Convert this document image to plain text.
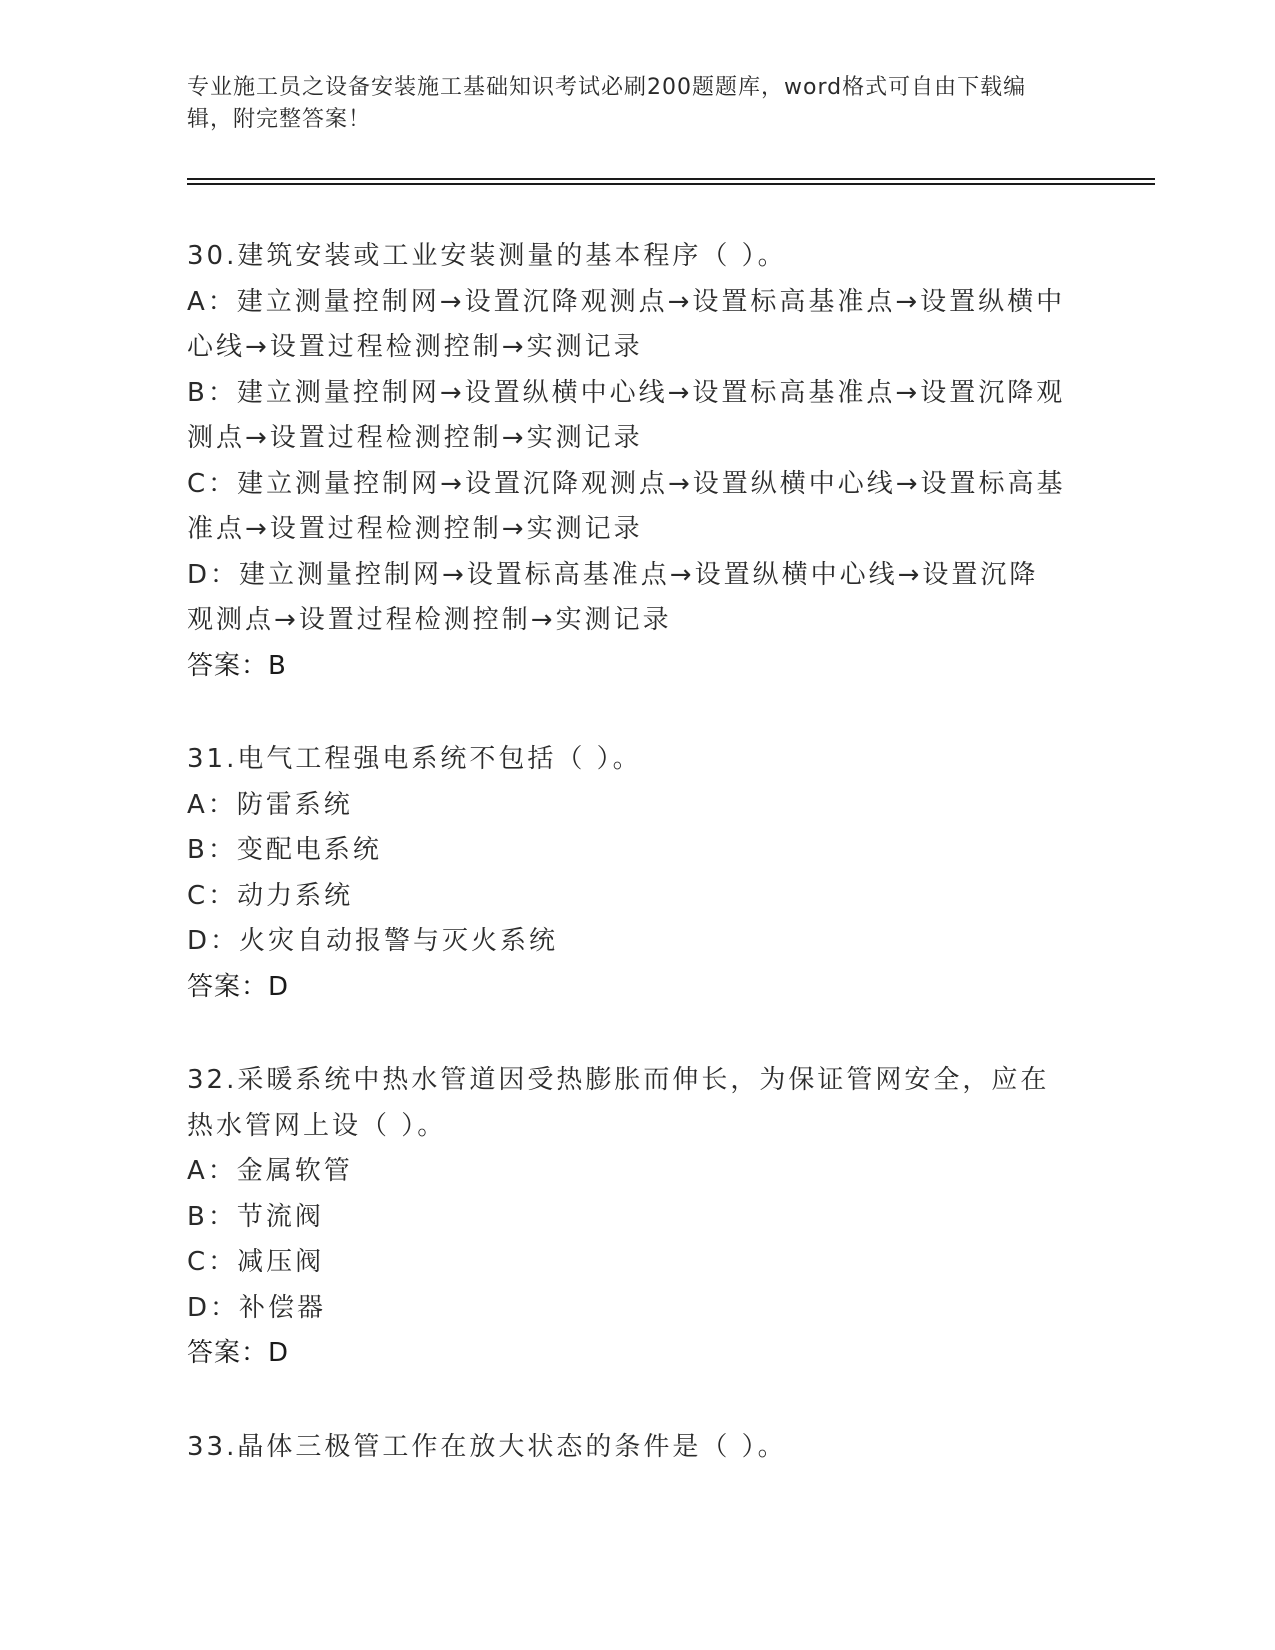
专业施工员之设备安装施工基础知识考试必刷200题题库，word格式可自由下载编辑，附完整答案！
30.建筑安装或工业安装测量的基本程序（ ）。
A：建立测量控制网→设置沉降观测点→设置标高基准点→设置纵横中心线→设置过程检测控制→实测记录
B：建立测量控制网→设置纵横中心线→设置标高基准点→设置沉降观测点→设置过程检测控制→实测记录
C：建立测量控制网→设置沉降观测点→设置纵横中心线→设置标高基准点→设置过程检测控制→实测记录
D：建立测量控制网→设置标高基准点→设置纵横中心线→设置沉降观测点→设置过程检测控制→实测记录
答案：B
31.电气工程强电系统不包括（ ）。
A：防雷系统
B：变配电系统
C：动力系统
D：火灾自动报警与灭火系统
答案：D
32.采暖系统中热水管道因受热膨胀而伸长，为保证管网安全，应在热水管网上设（ ）。
A：金属软管
B：节流阀
C：减压阀
D：补偿器
答案：D
33.晶体三极管工作在放大状态的条件是（ ）。
